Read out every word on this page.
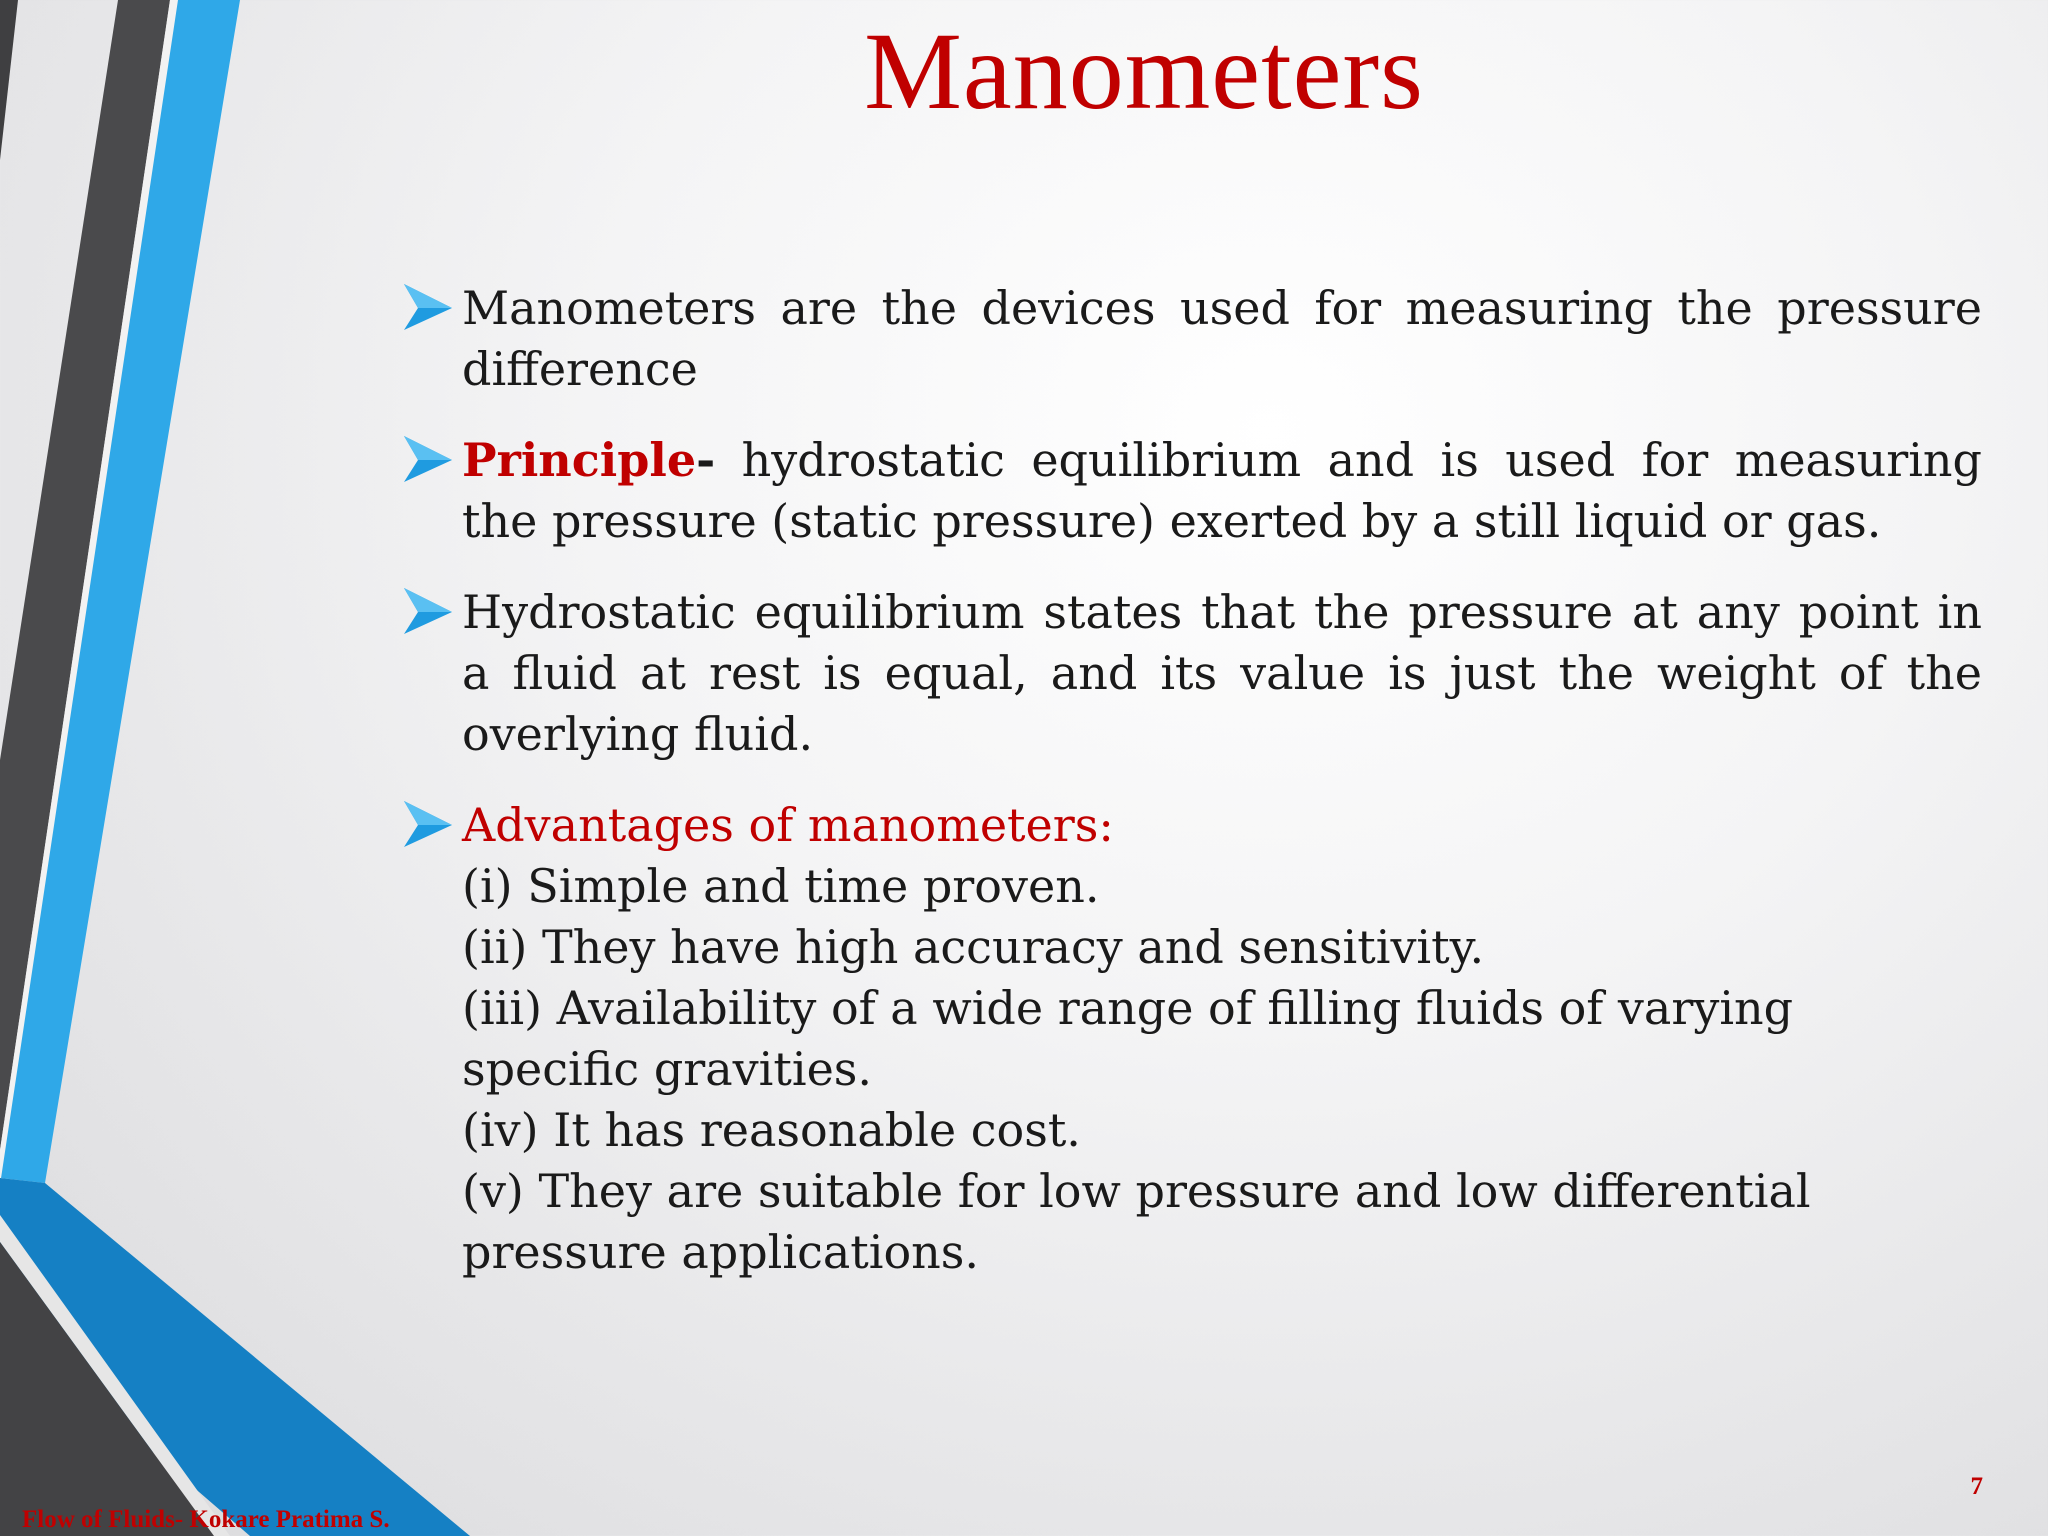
Manometers
Manometers are the devices used for measuring the pressure difference
Principle- hydrostatic equilibrium and is used for measuring the pressure (static pressure) exerted by a still liquid or gas.
Hydrostatic equilibrium states that the pressure at any point in a fluid at rest is equal, and its value is just the weight of the overlying fluid.
Advantages of manometers:
(i) Simple and time proven.
(ii) They have high accuracy and sensitivity.
(iii) Availability of a wide range of filling fluids of varying specific gravities.
(iv) It has reasonable cost.
(v) They are suitable for low pressure and low differential pressure applications.
Flow of Fluids- Kokare Pratima S.
7
